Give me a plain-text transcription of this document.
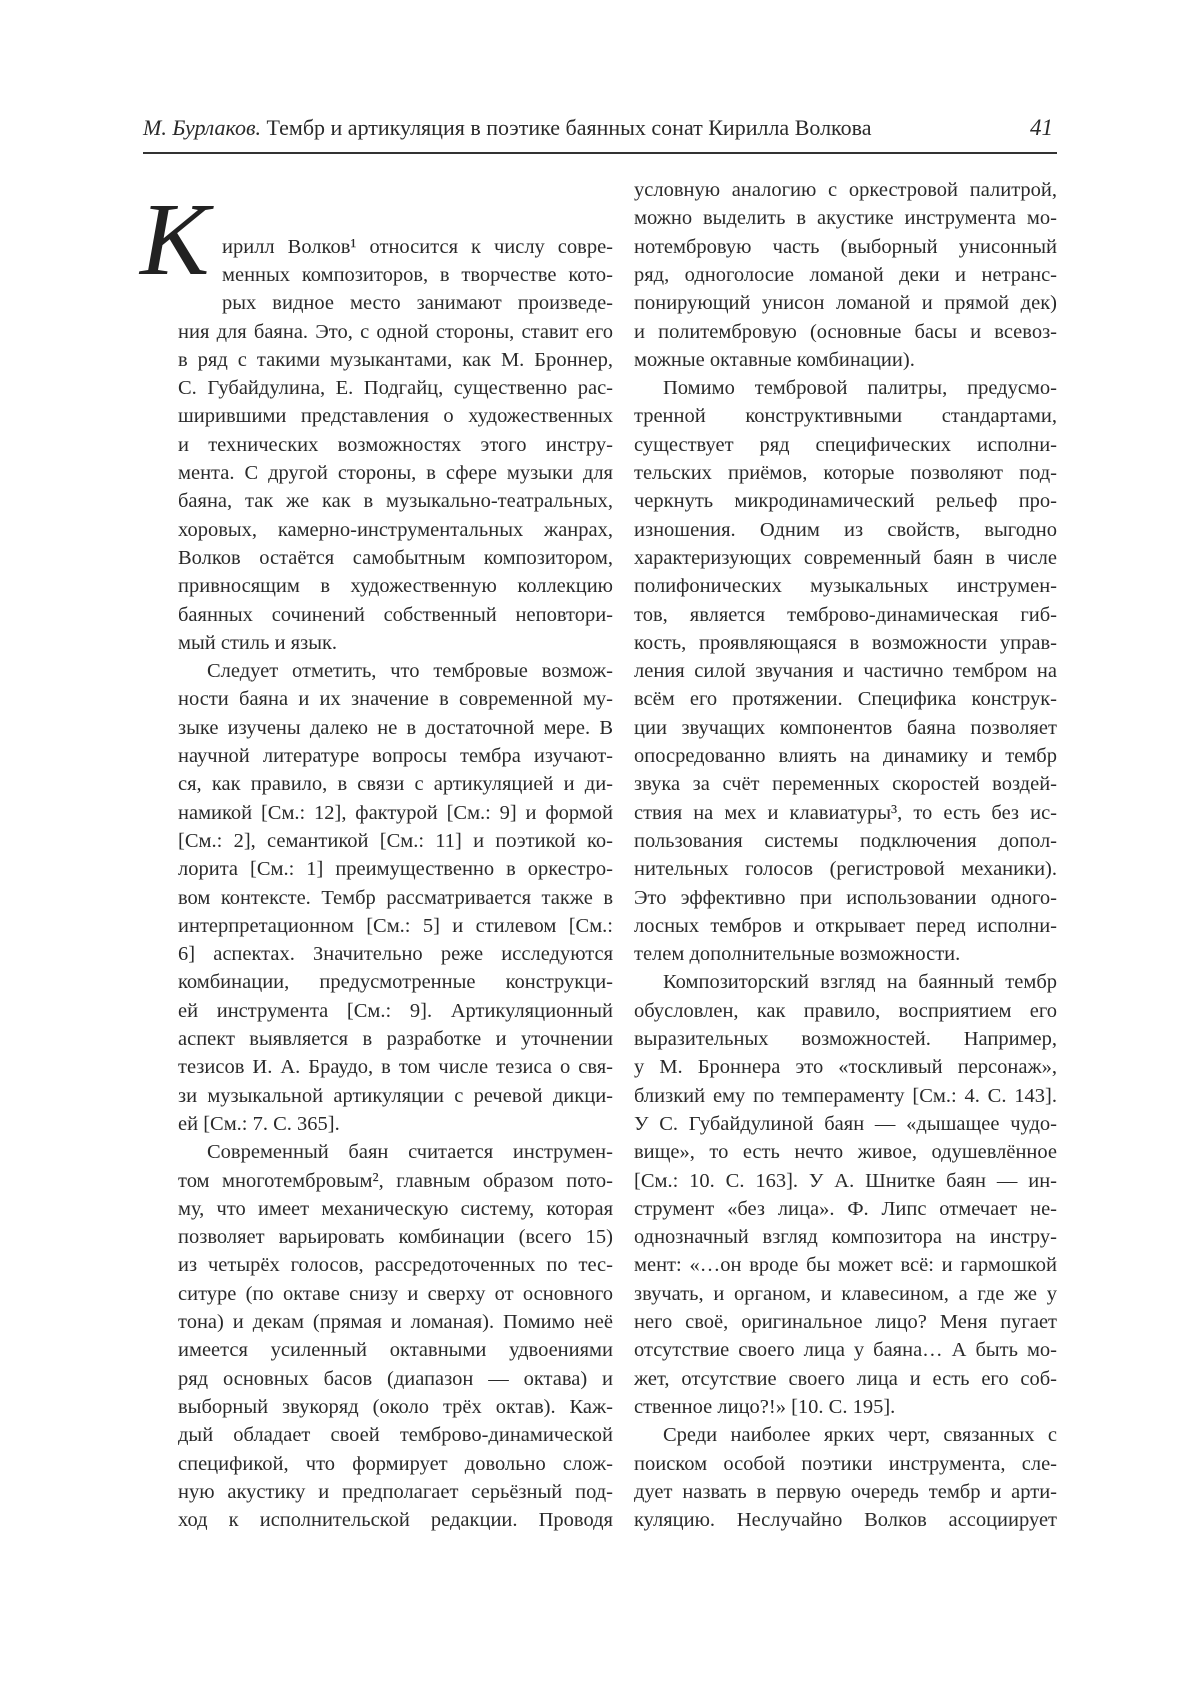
М. Бурлаков. Тембр и артикуляция в поэтике баянных сонат Кирилла Волкова	41
К ирилл Волков¹ относится к числу совре-
менных композиторов, в творчестве кото-
рых видное место занимают произведе-
ния для баяна. Это, с одной стороны, ставит его
в ряд с такими музыкантами, как М. Броннер,
С. Губайдулина, Е. Подгайц, существенно рас-
ширившими представления о художественных
и технических возможностях этого инстру-
мента. С другой стороны, в сфере музыки для
баяна, так же как в музыкально-театральных,
хоровых, камерно-инструментальных жанрах,
Волков остаётся самобытным композитором,
привносящим в художественную коллекцию
баянных сочинений собственный неповтори-
мый стиль и язык.
Следует отметить, что тембровые возмож-
ности баяна и их значение в современной му-
зыке изучены далеко не в достаточной мере. В
научной литературе вопросы тембра изучают-
ся, как правило, в связи с артикуляцией и ди-
намикой [См.: 12], фактурой [См.: 9] и формой
[См.: 2], семантикой [См.: 11] и поэтикой ко-
лорита [См.: 1] преимущественно в оркестро-
вом контексте. Тембр рассматривается также в
интерпретационном [См.: 5] и стилевом [См.:
6] аспектах. Значительно реже исследуются
комбинации, предусмотренные конструкци-
ей инструмента [См.: 9]. Артикуляционный
аспект выявляется в разработке и уточнении
тезисов И. А. Браудо, в том числе тезиса о свя-
зи музыкальной артикуляции с речевой дикци-
ей [См.: 7. С. 365].
Современный баян считается инструмен-
том многотембровым², главным образом пото-
му, что имеет механическую систему, которая
позволяет варьировать комбинации (всего 15)
из четырёх голосов, рассредоточенных по тес-
ситуре (по октаве снизу и сверху от основного
тона) и декам (прямая и ломаная). Помимо неё
имеется усиленный октавными удвоениями
ряд основных басов (диапазон — октава) и
выборный звукоряд (около трёх октав). Каж-
дый обладает своей темброво-динамической
спецификой, что формирует довольно слож-
ную акустику и предполагает серьёзный под-
ход к исполнительской редакции. Проводя
условную аналогию с оркестровой палитрой,
можно выделить в акустике инструмента мо-
нотембровую часть (выборный унисонный
ряд, одноголосие ломаной деки и нетранс-
понирующий унисон ломаной и прямой дек)
и политембровую (основные басы и всевоз-
можные октавные комбинации).
Помимо тембровой палитры, предусмо-
тренной конструктивными стандартами,
существует ряд специфических исполни-
тельских приёмов, которые позволяют под-
черкнуть микродинамический рельеф про-
изношения. Одним из свойств, выгодно
характеризующих современный баян в числе
полифонических музыкальных инструмен-
тов, является темброво-динамическая гиб-
кость, проявляющаяся в возможности управ-
ления силой звучания и частично тембром на
всём его протяжении. Специфика конструк-
ции звучащих компонентов баяна позволяет
опосредованно влиять на динамику и тембр
звука за счёт переменных скоростей воздей-
ствия на мех и клавиатуры³, то есть без ис-
пользования системы подключения допол-
нительных голосов (регистровой механики).
Это эффективно при использовании одного-
лосных тембров и открывает перед исполни-
телем дополнительные возможности.
Композиторский взгляд на баянный тембр
обусловлен, как правило, восприятием его
выразительных возможностей. Например,
у М. Броннера это «тоскливый персонаж»,
близкий ему по темпераменту [См.: 4. С. 143].
У С. Губайдулиной баян — «дышащее чудо-
вище», то есть нечто живое, одушевлённое
[См.: 10. С. 163]. У А. Шнитке баян — ин-
струмент «без лица». Ф. Липс отмечает не-
однозначный взгляд композитора на инстру-
мент: «…он вроде бы может всё: и гармошкой
звучать, и органом, и клавесином, а где же у
него своё, оригинальное лицо? Меня пугает
отсутствие своего лица у баяна… А быть мо-
жет, отсутствие своего лица и есть его соб-
ственное лицо?!» [10. С. 195].
Среди наиболее ярких черт, связанных с
поиском особой поэтики инструмента, сле-
дует назвать в первую очередь тембр и арти-
куляцию. Неслучайно Волков ассоциирует
